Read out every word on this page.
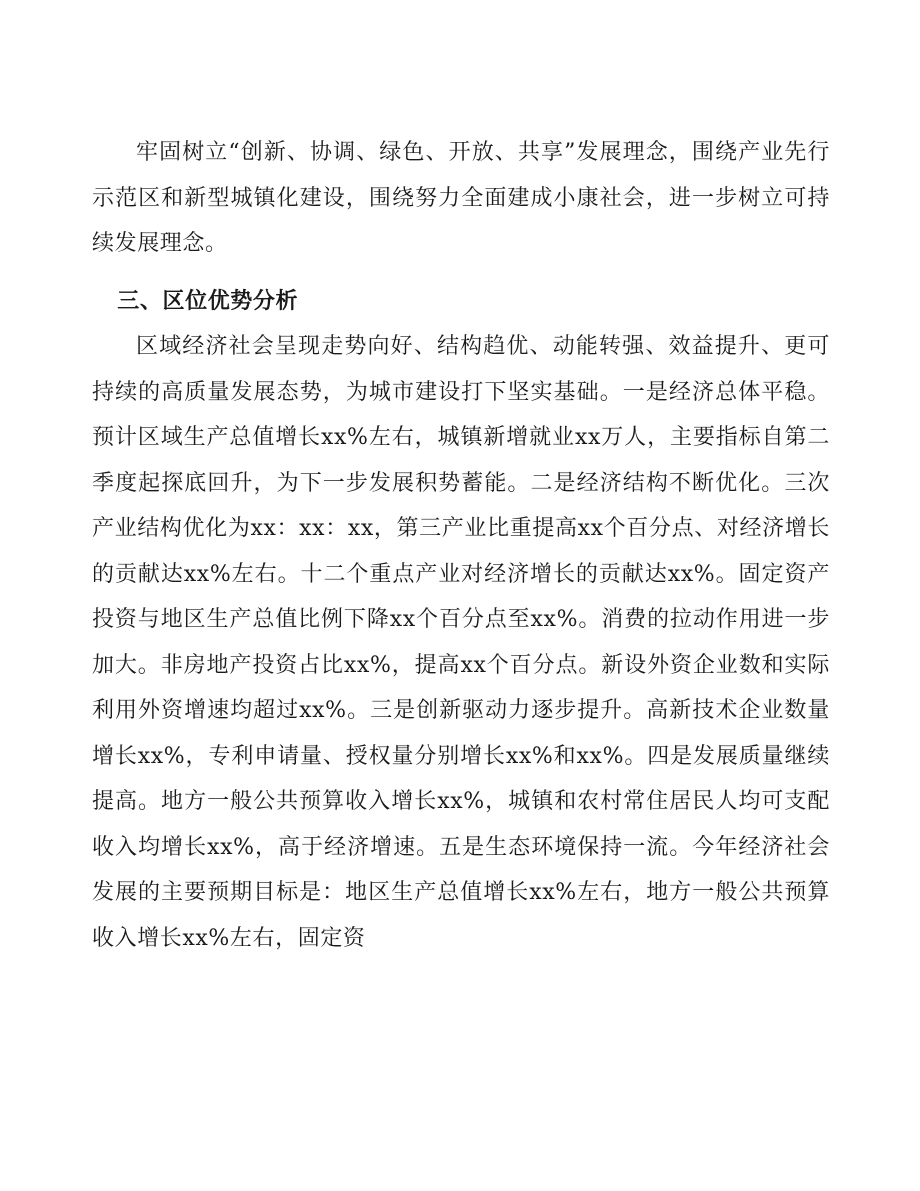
牢固树立“创新、协调、绿色、开放、共享”发展理念，围绕产业先行示范区和新型城镇化建设，围绕努力全面建成小康社会，进一步树立可持续发展理念。

三、区位优势分析

区域经济社会呈现走势向好、结构趋优、动能转强、效益提升、更可持续的高质量发展态势，为城市建设打下坚实基础。一是经济总体平稳。预计区域生产总值增长xx%左右，城镇新增就业xx万人，主要指标自第二季度起探底回升，为下一步发展积势蓄能。二是经济结构不断优化。三次产业结构优化为xx：xx：xx，第三产业比重提高xx个百分点、对经济增长的贡献达xx%左右。十二个重点产业对经济增长的贡献达xx%。固定资产投资与地区生产总值比例下降xx个百分点至xx%。消费的拉动作用进一步加大。非房地产投资占比xx%，提高xx个百分点。新设外资企业数和实际利用外资增速均超过xx%。三是创新驱动力逐步提升。高新技术企业数量增长xx%，专利申请量、授权量分别增长xx%和xx%。四是发展质量继续提高。地方一般公共预算收入增长xx%，城镇和农村常住居民人均可支配收入均增长xx%，高于经济增速。五是生态环境保持一流。今年经济社会发展的主要预期目标是：地区生产总值增长xx%左右，地方一般公共预算收入增长xx%左右，固定资
